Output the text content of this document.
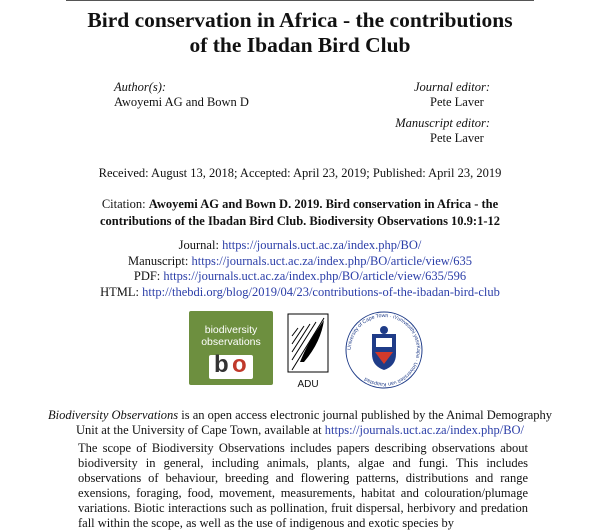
Bird conservation in Africa - the contributions
of the Ibadan Bird Club
Author(s):
Awoyemi AG and Bown D
Journal editor:
Pete Laver
Manuscript editor:
Pete Laver
Received: August 13, 2018; Accepted: April 23, 2019; Published: April 23, 2019
Citation: Awoyemi AG and Bown D. 2019. Bird conservation in Africa - the
contributions of the Ibadan Bird Club. Biodiversity Observations 10.9:1-12
Journal: https://journals.uct.ac.za/index.php/BO/
Manuscript: https://journals.uct.ac.za/index.php/BO/article/view/635
PDF: https://journals.uct.ac.za/index.php/BO/article/view/635/596
HTML: http://thebdi.org/blog/2019/04/23/contributions-of-the-ibadan-bird-club
biodiversity
observations
b o
ADU
University of Cape Town · iYunivesithi yaseKapa · Universiteit van Kaapstad
Biodiversity Observations is an open access electronic journal published by the Animal Demography
Unit at the University of Cape Town, available at https://journals.uct.ac.za/index.php/BO/
The scope of Biodiversity Observations includes papers describing observations about biodiversity in general, including animals, plants, algae and fungi. This includes observations of behaviour, breeding and flowering patterns, distributions and range exensions, foraging, food, movement, measurements, habitat and colouration/plumage variations. Biotic interactions such as pollination, fruit dispersal, herbivory and predation fall within the scope, as well as the use of indigenous and exotic species by
